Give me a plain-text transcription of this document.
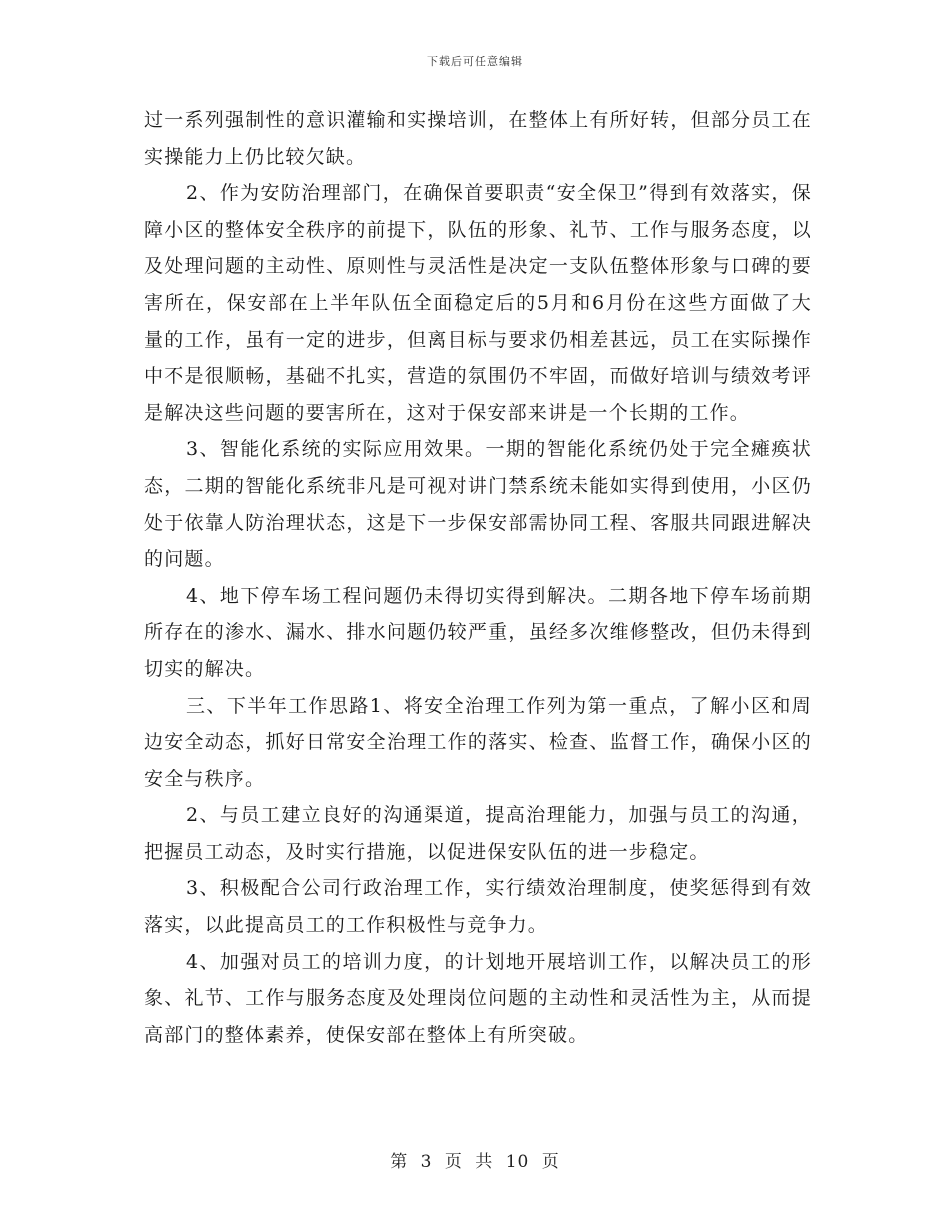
下载后可任意编辑

过一系列强制性的意识灌输和实操培训，在整体上有所好转，但部分员工在实操能力上仍比较欠缺。

2、作为安防治理部门，在确保首要职责“安全保卫”得到有效落实，保障小区的整体安全秩序的前提下，队伍的形象、礼节、工作与服务态度，以及处理问题的主动性、原则性与灵活性是决定一支队伍整体形象与口碑的要害所在，保安部在上半年队伍全面稳定后的5月和6月份在这些方面做了大量的工作，虽有一定的进步，但离目标与要求仍相差甚远，员工在实际操作中不是很顺畅，基础不扎实，营造的氛围仍不牢固，而做好培训与绩效考评是解决这些问题的要害所在，这对于保安部来讲是一个长期的工作。

3、智能化系统的实际应用效果。一期的智能化系统仍处于完全瘫痪状态，二期的智能化系统非凡是可视对讲门禁系统未能如实得到使用，小区仍处于依靠人防治理状态，这是下一步保安部需协同工程、客服共同跟进解决的问题。

4、地下停车场工程问题仍未得切实得到解决。二期各地下停车场前期所存在的渗水、漏水、排水问题仍较严重，虽经多次维修整改，但仍未得到切实的解决。

三、下半年工作思路1、将安全治理工作列为第一重点，了解小区和周边安全动态，抓好日常安全治理工作的落实、检查、监督工作，确保小区的安全与秩序。

2、与员工建立良好的沟通渠道，提高治理能力，加强与员工的沟通，把握员工动态，及时实行措施，以促进保安队伍的进一步稳定。

3、积极配合公司行政治理工作，实行绩效治理制度，使奖惩得到有效落实，以此提高员工的工作积极性与竞争力。

4、加强对员工的培训力度，的计划地开展培训工作，以解决员工的形象、礼节、工作与服务态度及处理岗位问题的主动性和灵活性为主，从而提高部门的整体素养，使保安部在整体上有所突破。

第 3 页 共 10 页
